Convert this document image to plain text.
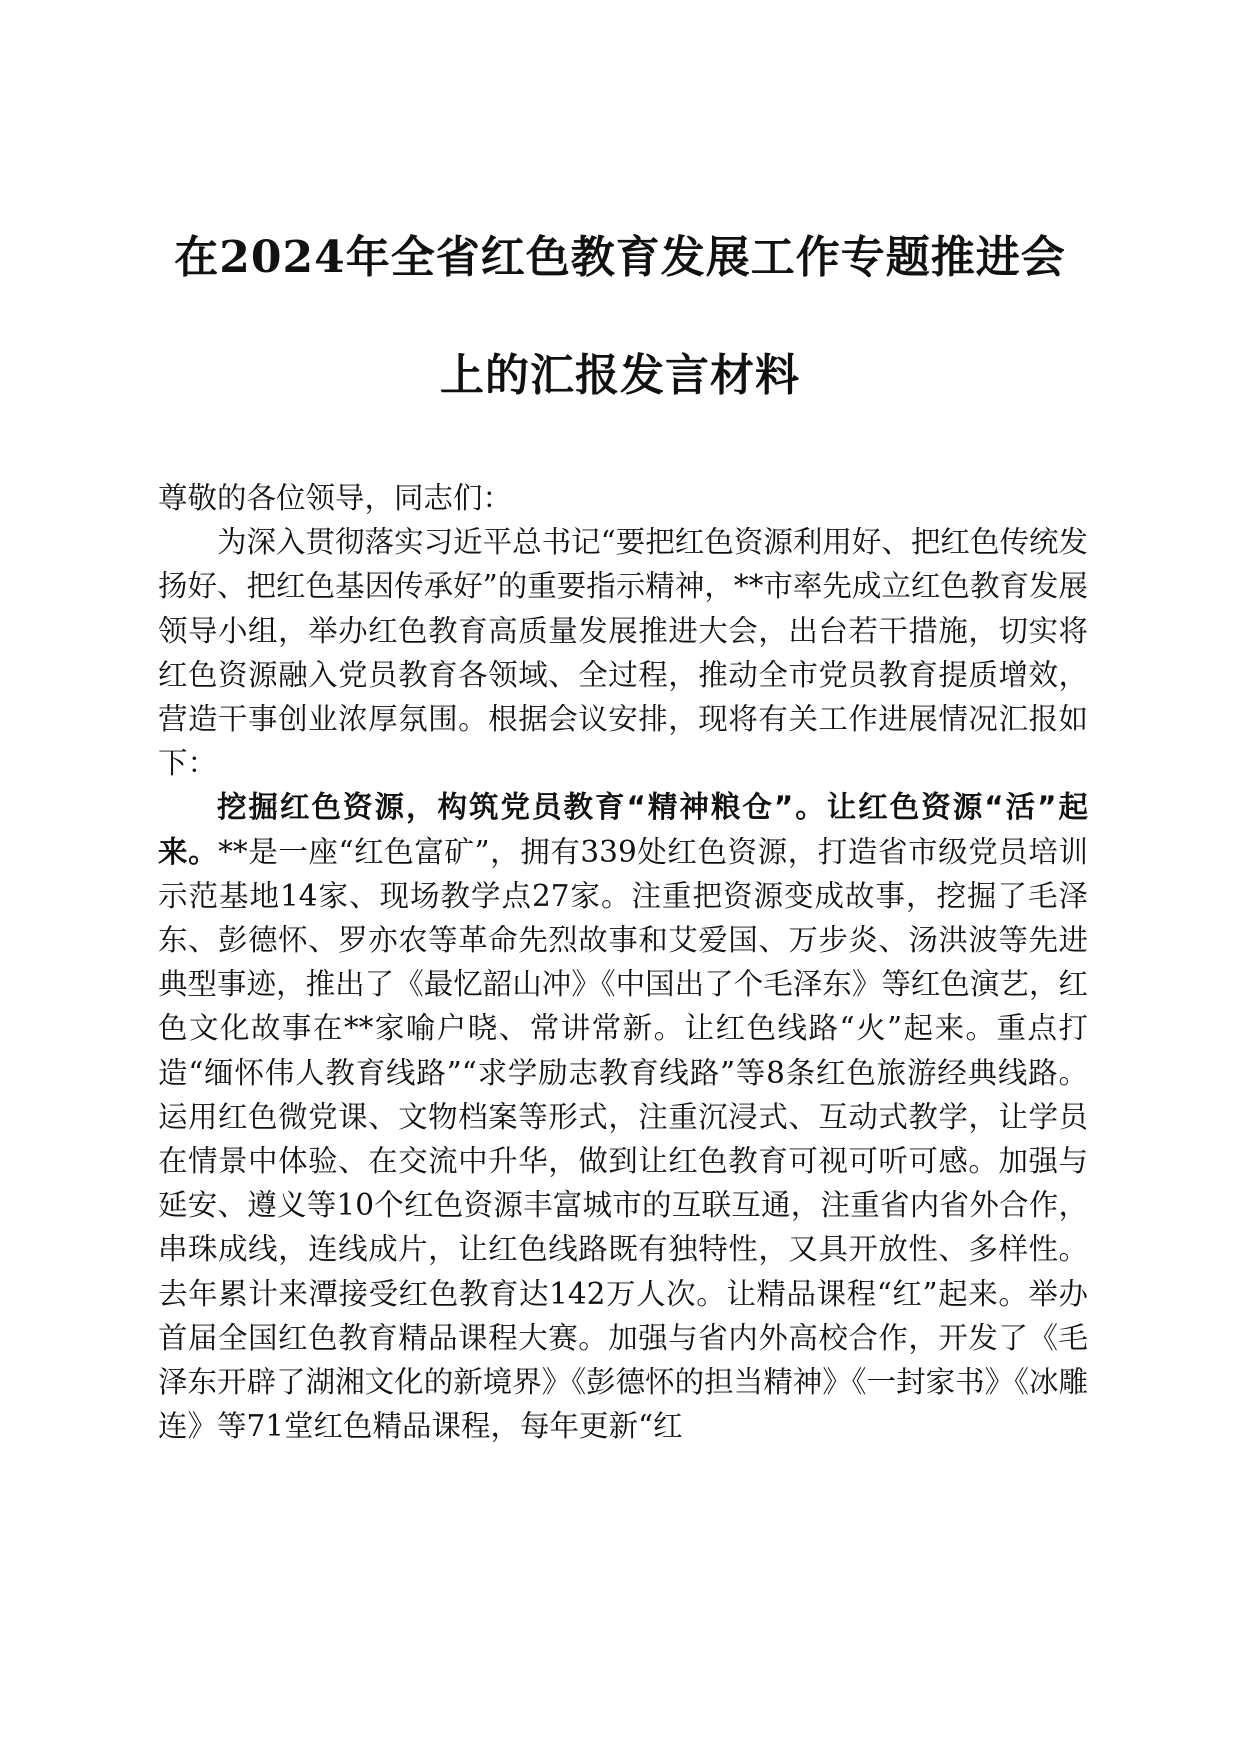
在2024年全省红色教育发展工作专题推进会
上的汇报发言材料

尊敬的各位领导，同志们：

为深入贯彻落实习近平总书记“要把红色资源利用好、把红色传统发扬好、把红色基因传承好”的重要指示精神，**市率先成立红色教育发展领导小组，举办红色教育高质量发展推进大会，出台若干措施，切实将红色资源融入党员教育各领域、全过程，推动全市党员教育提质增效，营造干事创业浓厚氛围。根据会议安排，现将有关工作进展情况汇报如下：

挖掘红色资源，构筑党员教育“精神粮仓”。让红色资源“活”起来。**是一座“红色富矿”，拥有339处红色资源，打造省市级党员培训示范基地14家、现场教学点27家。注重把资源变成故事，挖掘了毛泽东、彭德怀、罗亦农等革命先烈故事和艾爱国、万步炎、汤洪波等先进典型事迹，推出了《最忆韶山冲》《中国出了个毛泽东》等红色演艺，红色文化故事在**家喻户晓、常讲常新。让红色线路“火”起来。重点打造“缅怀伟人教育线路”“求学励志教育线路”等8条红色旅游经典线路。运用红色微党课、文物档案等形式，注重沉浸式、互动式教学，让学员在情景中体验、在交流中升华，做到让红色教育可视可听可感。加强与延安、遵义等10个红色资源丰富城市的互联互通，注重省内省外合作，串珠成线，连线成片，让红色线路既有独特性，又具开放性、多样性。去年累计来潭接受红色教育达142万人次。让精品课程“红”起来。举办首届全国红色教育精品课程大赛。加强与省内外高校合作，开发了《毛泽东开辟了湖湘文化的新境界》《彭德怀的担当精神》《一封家书》《冰雕连》等71堂红色精品课程，每年更新“红
